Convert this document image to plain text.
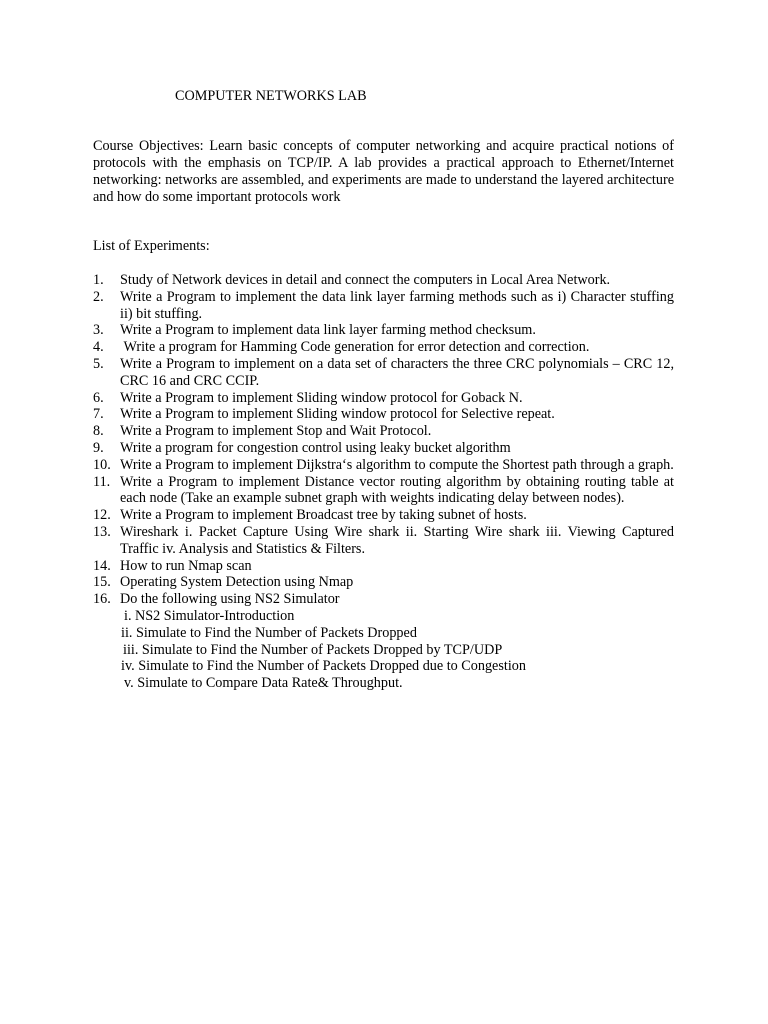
COMPUTER NETWORKS LAB
Course Objectives: Learn basic concepts of computer networking and acquire practical notions of protocols with the emphasis on TCP/IP. A lab provides a practical approach to Ethernet/Internet networking: networks are assembled, and experiments are made to understand the layered architecture and how do some important protocols work
List of Experiments:
1. Study of Network devices in detail and connect the computers in Local Area Network.
2. Write a Program to implement the data link layer farming methods such as i) Character stuffing ii) bit stuffing.
3. Write a Program to implement data link layer farming method checksum.
4. Write a program for Hamming Code generation for error detection and correction.
5. Write a Program to implement on a data set of characters the three CRC polynomials – CRC 12, CRC 16 and CRC CCIP.
6. Write a Program to implement Sliding window protocol for Goback N.
7. Write a Program to implement Sliding window protocol for Selective repeat.
8. Write a Program to implement Stop and Wait Protocol.
9. Write a program for congestion control using leaky bucket algorithm
10. Write a Program to implement Dijkstra‘s algorithm to compute the Shortest path through a graph.
11. Write a Program to implement Distance vector routing algorithm by obtaining routing table at each node (Take an example subnet graph with weights indicating delay between nodes).
12. Write a Program to implement Broadcast tree by taking subnet of hosts.
13. Wireshark i. Packet Capture Using Wire shark ii. Starting Wire shark iii. Viewing Captured Traffic iv. Analysis and Statistics & Filters.
14. How to run Nmap scan
15. Operating System Detection using Nmap
16. Do the following using NS2 Simulator
i. NS2 Simulator-Introduction
ii. Simulate to Find the Number of Packets Dropped
iii. Simulate to Find the Number of Packets Dropped by TCP/UDP
iv. Simulate to Find the Number of Packets Dropped due to Congestion
v. Simulate to Compare Data Rate& Throughput.
